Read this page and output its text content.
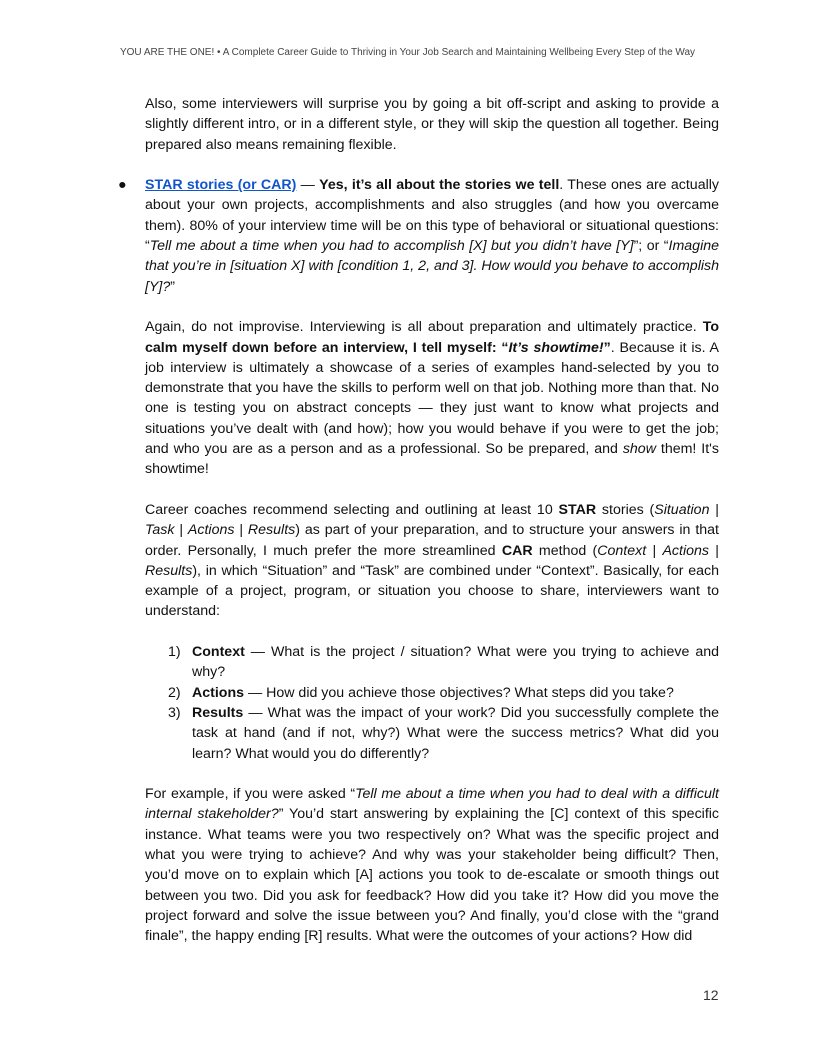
YOU ARE THE ONE! • A Complete Career Guide to Thriving in Your Job Search and Maintaining Wellbeing Every Step of the Way

Also, some interviewers will surprise you by going a bit off-script and asking to provide a slightly different intro, or in a different style, or they will skip the question all together. Being prepared also means remaining flexible.

● STAR stories (or CAR) — Yes, it’s all about the stories we tell. These ones are actually about your own projects, accomplishments and also struggles (and how you overcame them). 80% of your interview time will be on this type of behavioral or situational questions: “Tell me about a time when you had to accomplish [X] but you didn’t have [Y]”; or “Imagine that you’re in [situation X] with [condition 1, 2, and 3]. How would you behave to accomplish [Y]?”

Again, do not improvise. Interviewing is all about preparation and ultimately practice. To calm myself down before an interview, I tell myself: “It’s showtime!”. Because it is. A job interview is ultimately a showcase of a series of examples hand-selected by you to demonstrate that you have the skills to perform well on that job. Nothing more than that. No one is testing you on abstract concepts — they just want to know what projects and situations you’ve dealt with (and how); how you would behave if you were to get the job; and who you are as a person and as a professional. So be prepared, and show them! It's showtime!

Career coaches recommend selecting and outlining at least 10 STAR stories (Situation | Task | Actions | Results) as part of your preparation, and to structure your answers in that order. Personally, I much prefer the more streamlined CAR method (Context | Actions | Results), in which “Situation” and “Task” are combined under “Context”. Basically, for each example of a project, program, or situation you choose to share, interviewers want to understand:

1) Context — What is the project / situation? What were you trying to achieve and why?
2) Actions — How did you achieve those objectives? What steps did you take?
3) Results — What was the impact of your work? Did you successfully complete the task at hand (and if not, why?) What were the success metrics? What did you learn? What would you do differently?

For example, if you were asked “Tell me about a time when you had to deal with a difficult internal stakeholder?” You’d start answering by explaining the [C] context of this specific instance. What teams were you two respectively on? What was the specific project and what you were trying to achieve? And why was your stakeholder being difficult? Then, you’d move on to explain which [A] actions you took to de-escalate or smooth things out between you two. Did you ask for feedback? How did you take it? How did you move the project forward and solve the issue between you? And finally, you’d close with the “grand finale”, the happy ending [R] results. What were the outcomes of your actions? How did

12
